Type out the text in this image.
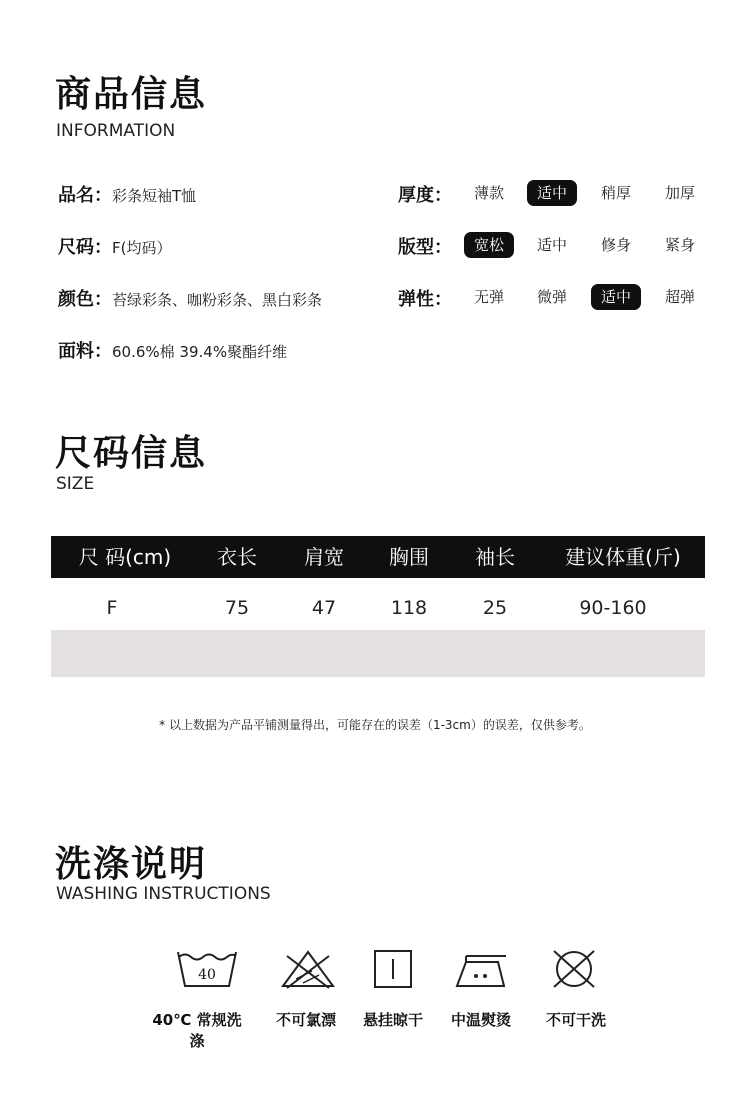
商品信息
INFORMATION
品名：彩条短袖T恤
尺码：F(均码）
颜色：苔绿彩条、咖粉彩条、黑白彩条
面料：60.6%棉 39.4%聚酯纤维
厚度：	薄款	适中	稍厚	加厚
版型：	宽松	适中	修身	紧身
弹性：	无弹	微弹	适中	超弹
尺码信息
SIZE
尺 码(cm)	衣长	肩宽	胸围	袖长	建议体重(斤)
F	75	47	118	25	90-160
* 以上数据为产品平铺测量得出，可能存在的误差（1-3cm）的误差，仅供参考。
洗涤说明
WASHING INSTRUCTIONS
40
40℃ 常规洗涤
不可氯漂	悬挂晾干	中温熨烫	不可干洗
